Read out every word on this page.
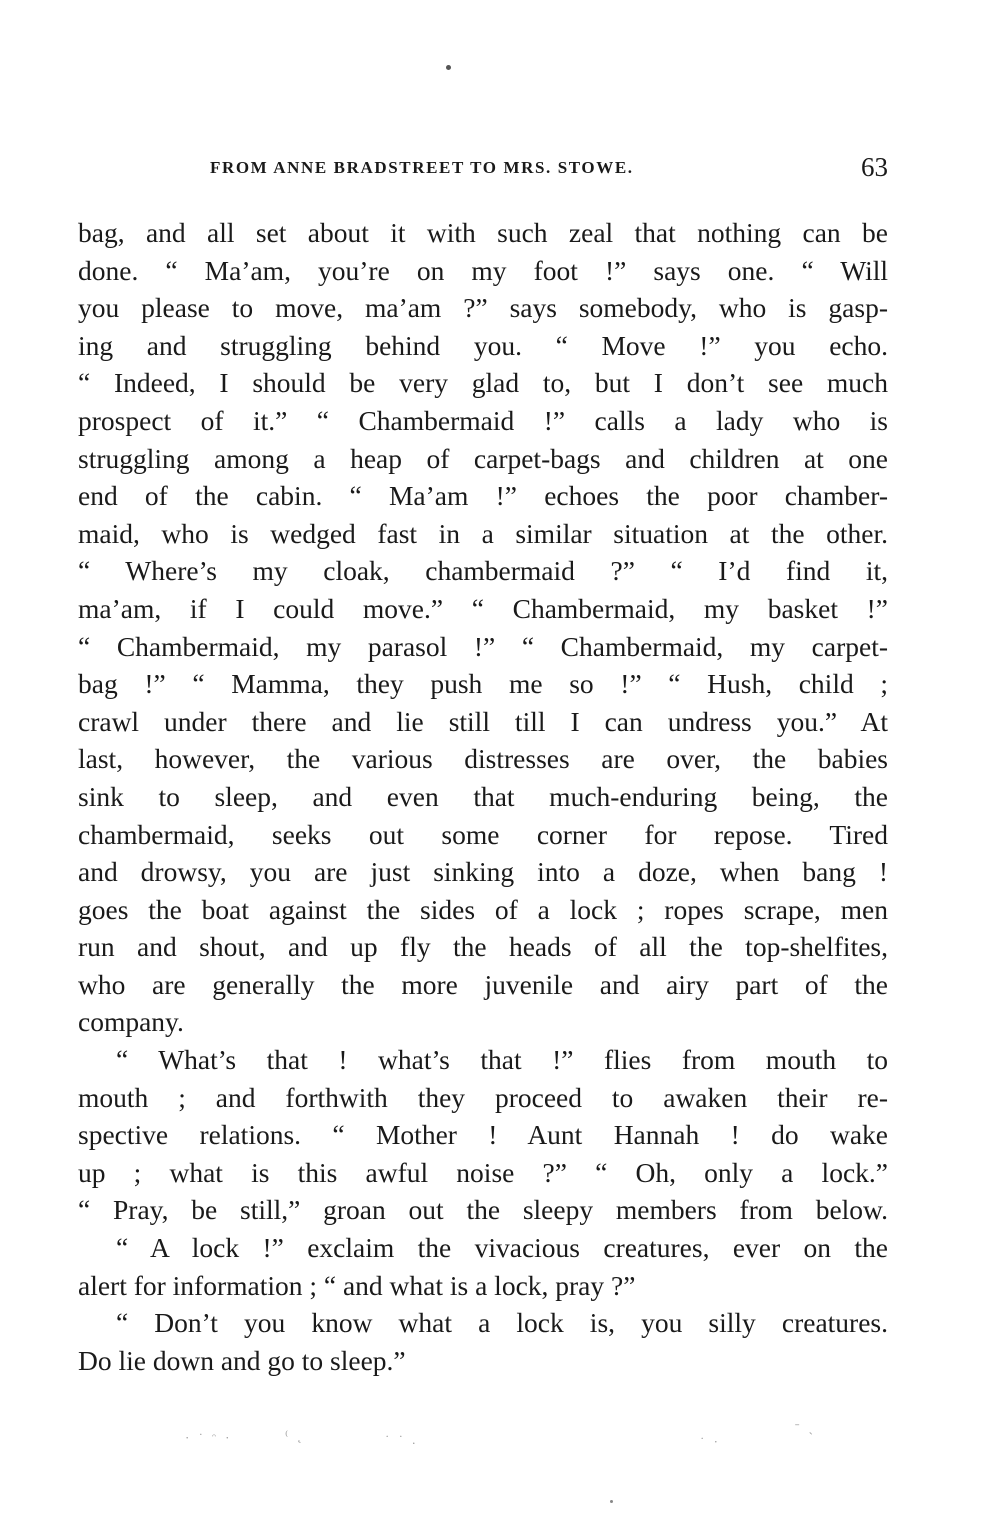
FROM ANNE BRADSTREET TO MRS. STOWE.	63
bag, and all set about it with such zeal that nothing can be
done. “ Ma’am, you’re on my foot !” says one. “ Will
you please to move, ma’am ?” says somebody, who is gasp-
ing and struggling behind you. “ Move !” you echo.
“ Indeed, I should be very glad to, but I don’t see much
prospect of it.” “ Chambermaid !” calls a lady who is
struggling among a heap of carpet-bags and children at one
end of the cabin. “ Ma’am !” echoes the poor chamber-
maid, who is wedged fast in a similar situation at the other.
“ Where’s my cloak, chambermaid ?” “ I’d find it,
ma’am, if I could move.” “ Chambermaid, my basket !”
“ Chambermaid, my parasol !” “ Chambermaid, my carpet-
bag !” “ Mamma, they push me so !” “ Hush, child ;
crawl under there and lie still till I can undress you.” At
last, however, the various distresses are over, the babies
sink to sleep, and even that much-enduring being, the
chambermaid, seeks out some corner for repose. Tired
and drowsy, you are just sinking into a doze, when bang !
goes the boat against the sides of a lock ; ropes scrape, men
run and shout, and up fly the heads of all the top-shelfites,
who are generally the more juvenile and airy part of the
company.
“ What’s that ! what’s that !” flies from mouth to
mouth ; and forthwith they proceed to awaken their re-
spective relations. “ Mother ! Aunt Hannah ! do wake
up ; what is this awful noise ?” “ Oh, only a lock.”
“ Pray, be still,” groan out the sleepy members from below.
“ A lock !” exclaim the vivacious creatures, ever on the
alert for information ; “ and what is a lock, pray ?”
“ Don’t you know what a lock is, you silly creatures.
Do lie down and go to sleep.”
· ˙ ᵔ ·	⁽ ˛	˙ ˙ .	˙ ·
ˉ ˎ
